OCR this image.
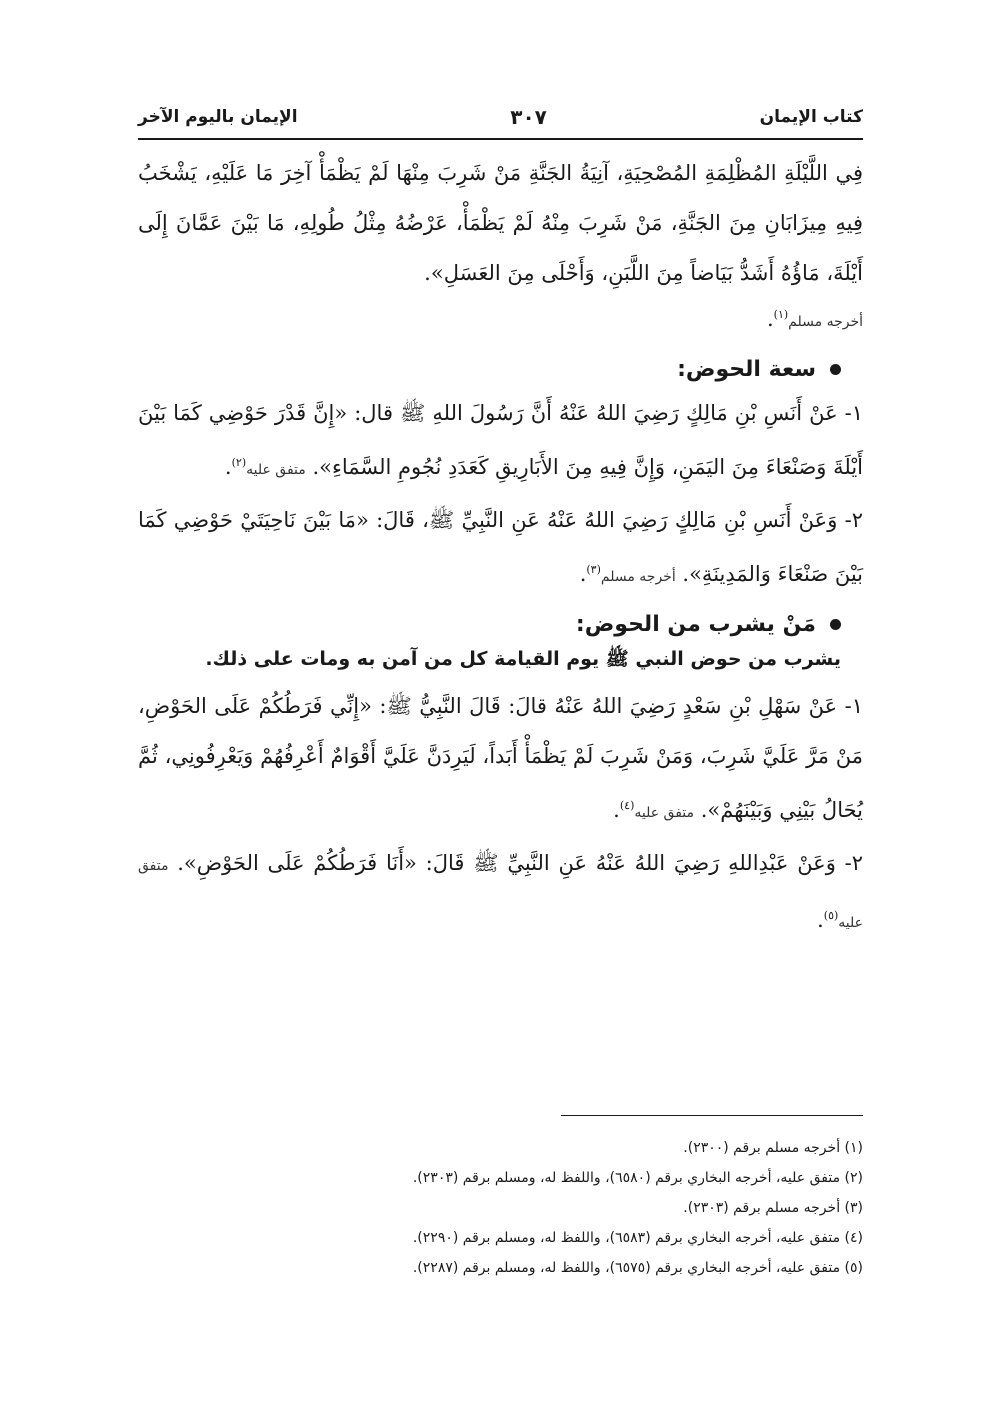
كتاب الإيمان
٣٠٧
الإيمان باليوم الآخر

فِي اللَّيْلَةِ المُظْلِمَةِ المُصْحِيَةِ، آنِيَةُ الجَنَّةِ مَنْ شَرِبَ مِنْهَا لَمْ يَظْمَأْ آخِرَ مَا عَلَيْهِ، يَشْخَبُ فِيهِ مِيزَابَانِ مِنَ الجَنَّةِ، مَنْ شَرِبَ مِنْهُ لَمْ يَظْمَأْ، عَرْضُهُ مِثْلُ طُولِهِ، مَا بَيْنَ عَمَّانَ إِلَى أَيْلَةَ، مَاؤُهُ أَشَدُّ بَيَاضاً مِنَ اللَّبَنِ، وَأَحْلَى مِنَ العَسَلِ».

أخرجه مسلم$^{(١)}$.

سعة الحوض:

١- عَنْ أَنَسِ بْنِ مَالِكٍ رَضِيَ اللهُ عَنْهُ أَنَّ رَسُولَ اللهِ ﷺ قال: «إِنَّ قَدْرَ حَوْضِي كَمَا بَيْنَ أَيْلَةَ وَصَنْعَاءَ مِنَ اليَمَنِ، وَإِنَّ فِيهِ مِنَ الأَبَارِيقِ كَعَدَدِ نُجُومِ السَّمَاءِ». متفق عليه$^{(٢)}$.

٢- وَعَنْ أَنَسِ بْنِ مَالِكٍ رَضِيَ اللهُ عَنْهُ عَنِ النَّبِيِّ ﷺ، قَالَ: «مَا بَيْنَ نَاحِيَتَيْ حَوْضِي كَمَا بَيْنَ صَنْعَاءَ وَالمَدِينَةِ». أخرجه مسلم$^{(٣)}$.

مَنْ يشرب من الحوض:

يشرب من حوض النبي ﷺ يوم القيامة كل من آمن به ومات على ذلك.

١- عَنْ سَهْلِ بْنِ سَعْدٍ رَضِيَ اللهُ عَنْهُ قالَ: قَالَ النَّبِيُّ ﷺ: «إِنِّي فَرَطُكُمْ عَلَى الحَوْضِ، مَنْ مَرَّ عَلَيَّ شَرِبَ، وَمَنْ شَرِبَ لَمْ يَظْمَأْ أَبَداً، لَيَرِدَنَّ عَلَيَّ أَقْوَامٌ أَعْرِفُهُمْ وَيَعْرِفُونِي، ثُمَّ يُحَالُ بَيْنِي وَبَيْنَهُمْ». متفق عليه$^{(٤)}$.

٢- وَعَنْ عَبْدِاللهِ رَضِيَ اللهُ عَنْهُ عَنِ النَّبِيِّ ﷺ قَالَ: «أَنَا فَرَطُكُمْ عَلَى الحَوْضِ». متفق عليه$^{(٥)}$.

(١) أخرجه مسلم برقم (٢٣٠٠).
(٢) متفق عليه، أخرجه البخاري برقم (٦٥٨٠)، واللفظ له، ومسلم برقم (٢٣٠٣).
(٣) أخرجه مسلم برقم (٢٣٠٣).
(٤) متفق عليه، أخرجه البخاري برقم (٦٥٨٣)، واللفظ له، ومسلم برقم (٢٢٩٠).
(٥) متفق عليه، أخرجه البخاري برقم (٦٥٧٥)، واللفظ له، ومسلم برقم (٢٢٨٧).
